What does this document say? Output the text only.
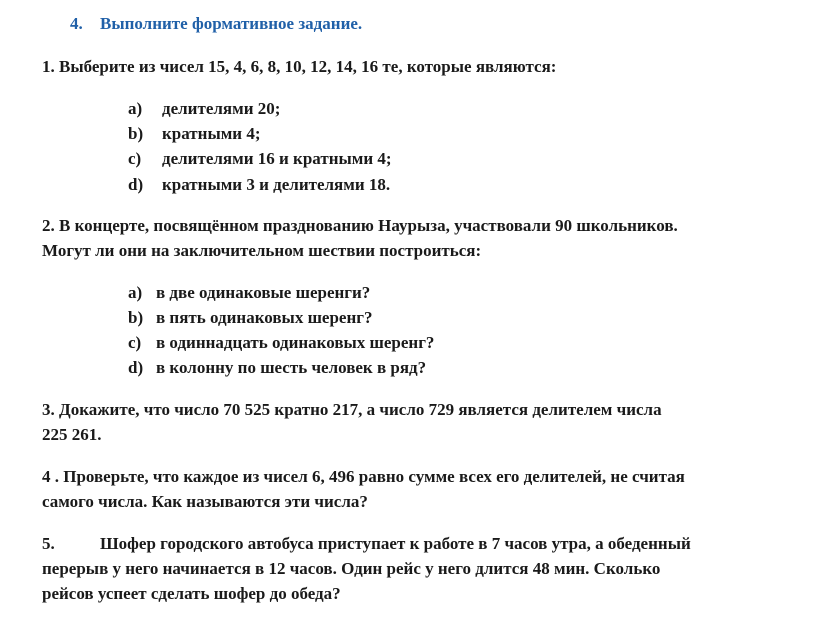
4. Выполните формативное задание.
1. Выберите из чисел 15, 4, 6, 8, 10, 12, 14, 16 те, которые являются:
a) делителями 20;
b) кратными 4;
c) делителями 16 и кратными 4;
d) кратными 3 и делителями 18.
2. В концерте, посвящённом празднованию Наурыза, участвовали 90 школьников.
Могут ли они на заключительном шествии построиться:
a) в две одинаковые шеренги?
b) в пять одинаковых шеренг?
c) в одиннадцать одинаковых шеренг?
d) в колонну по шесть человек в ряд?
3. Докажите, что число 70 525 кратно 217, а число 729 является делителем числа
225 261.
4 . Проверьте, что каждое из чисел 6, 496 равно сумме всех его делителей, не считая
самого числа. Как называются эти числа?
5.	Шофер городского автобуса приступает к работе в 7 часов утра, а обеденный
перерыв у него начинается в 12 часов. Один рейс у него длится 48 мин. Сколько
рейсов успеет сделать шофер до обеда?
